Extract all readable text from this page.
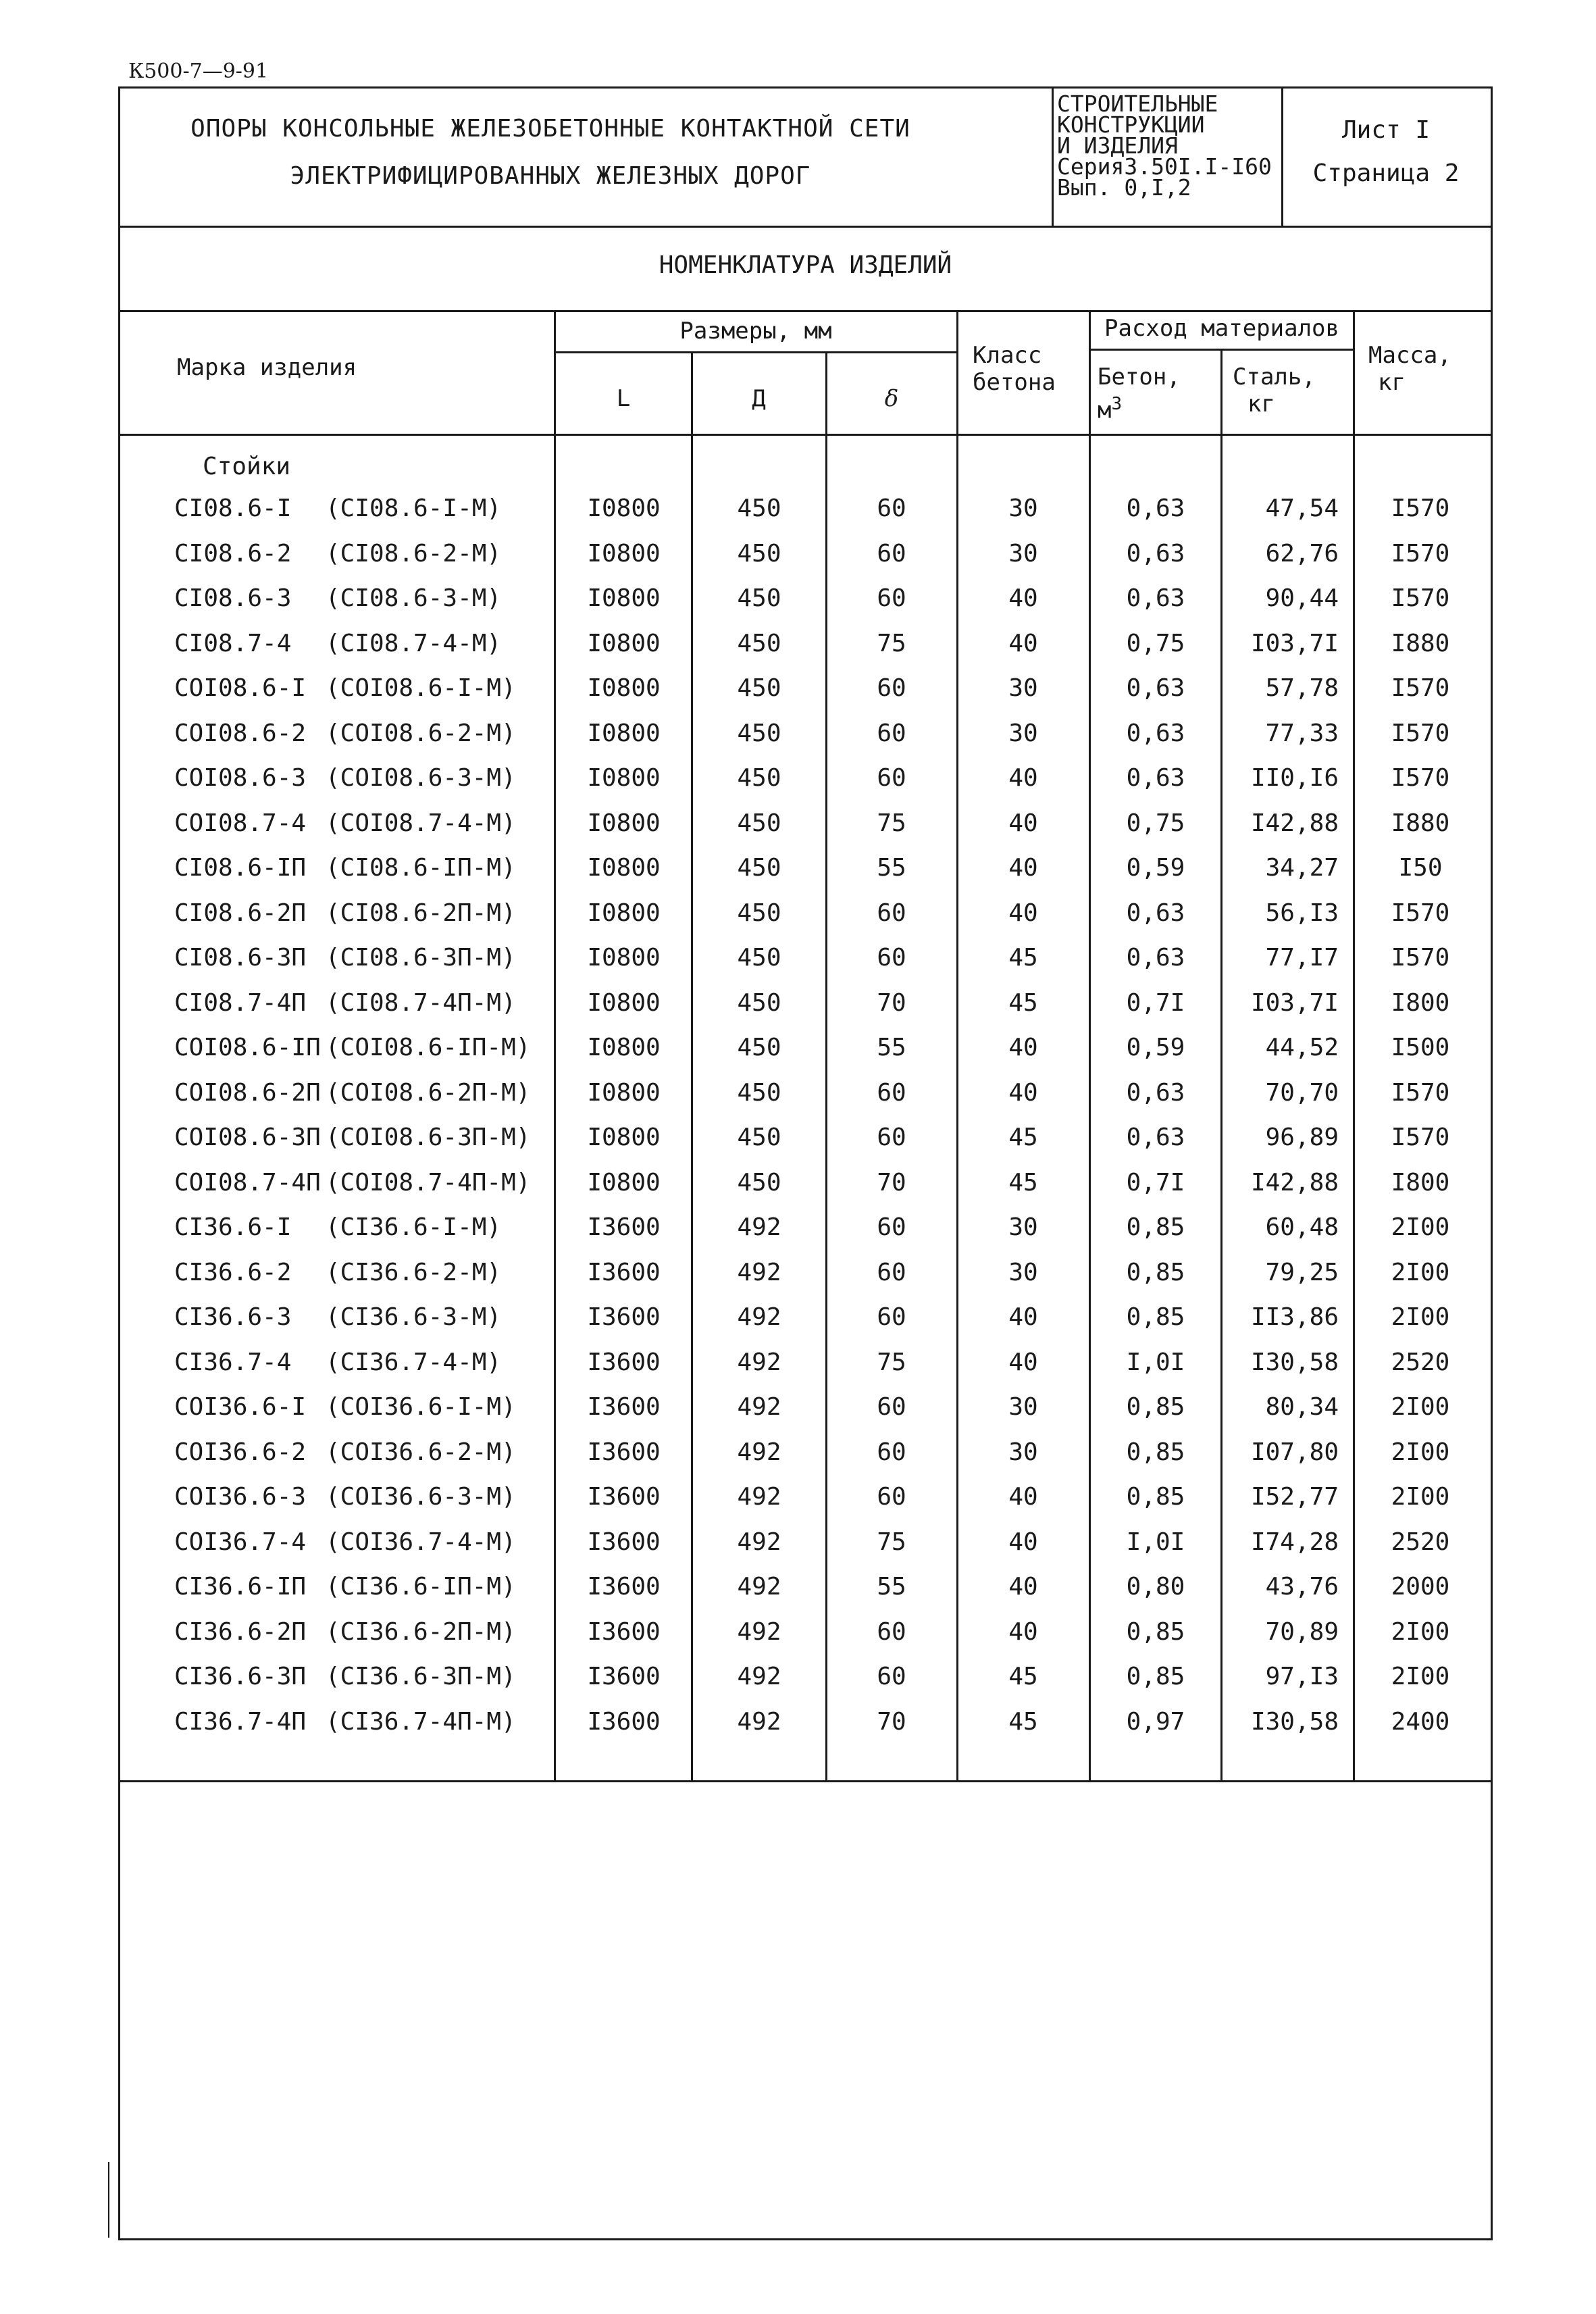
К500-7—9-91
ОПОРЫ КОНСОЛЬНЫЕ ЖЕЛЕЗОБЕТОННЫЕ КОНТАКТНОЙ СЕТИ
ЭЛЕКТРИФИЦИРОВАННЫХ ЖЕЛЕЗНЫХ ДОРОГ
СТРОИТЕЛЬНЫЕ
КОНСТРУКЦИИ
И ИЗДЕЛИЯ
Серия3.50I.I-I60
Вып. 0,I,2
Лист I
Страница 2
НОМЕНКЛАТУРА ИЗДЕЛИЙ
Марка изделия
Размеры, мм
L	Д	δ
Класс
бетона
Расход материалов
Бетон,
$м^3$
Сталь,
кг
Масса,
кг
Стойки
СI08.6-I	(СI08.6-I-М)	I0800	450	60	30	0,63	47,54	I570
СI08.6-2	(СI08.6-2-М)	I0800	450	60	30	0,63	62,76	I570
СI08.6-3	(СI08.6-3-М)	I0800	450	60	40	0,63	90,44	I570
СI08.7-4	(СI08.7-4-М)	I0800	450	75	40	0,75	I03,7I	I880
СОI08.6-I (СОI08.6-I-М)	I0800	450	60	30	0,63	57,78	I570
СОI08.6-2 (СОI08.6-2-М)	I0800	450	60	30	0,63	77,33	I570
СОI08.6-3 (СОI08.6-3-М)	I0800	450	60	40	0,63	II0,I6	I570
СОI08.7-4 (СОI08.7-4-М)	I0800	450	75	40	0,75	I42,88	I880
СI08.6-IП (СI08.6-IП-М)	I0800	450	55	40	0,59	34,27	I50
СI08.6-2П (СI08.6-2П-М)	I0800	450	60	40	0,63	56,I3	I570
СI08.6-3П (СI08.6-3П-М)	I0800	450	60	45	0,63	77,I7	I570
СI08.7-4П (СI08.7-4П-М)	I0800	450	70	45	0,7I	I03,7I	I800
СОI08.6-IП (СОI08.6-IП-М)	I0800	450	55	40	0,59	44,52	I500
СОI08.6-2П (СОI08.6-2П-М)	I0800	450	60	40	0,63	70,70	I570
СОI08.6-3П (СОI08.6-3П-М)	I0800	450	60	45	0,63	96,89	I570
СОI08.7-4П (СОI08.7-4П-М)	I0800	450	70	45	0,7I	I42,88	I800
СI36.6-I	(СI36.6-I-М)	I3600	492	60	30	0,85	60,48	2I00
СI36.6-2	(СI36.6-2-М)	I3600	492	60	30	0,85	79,25	2I00
СI36.6-3	(СI36.6-3-М)	I3600	492	60	40	0,85	II3,86	2I00
СI36.7-4	(СI36.7-4-М)	I3600	492	75	40	I,0I	I30,58	2520
СОI36.6-I (СОI36.6-I-М)	I3600	492	60	30	0,85	80,34	2I00
СОI36.6-2 (СОI36.6-2-М)	I3600	492	60	30	0,85	I07,80	2I00
СОI36.6-3 (СОI36.6-3-М)	I3600	492	60	40	0,85	I52,77	2I00
СОI36.7-4 (СОI36.7-4-М)	I3600	492	75	40	I,0I	I74,28	2520
СI36.6-IП (СI36.6-IП-М)	I3600	492	55	40	0,80	43,76	2000
СI36.6-2П (СI36.6-2П-М)	I3600	492	60	40	0,85	70,89	2I00
СI36.6-3П (СI36.6-3П-М)	I3600	492	60	45	0,85	97,I3	2I00
СI36.7-4П (СI36.7-4П-М)	I3600	492	70	45	0,97	I30,58	2400
